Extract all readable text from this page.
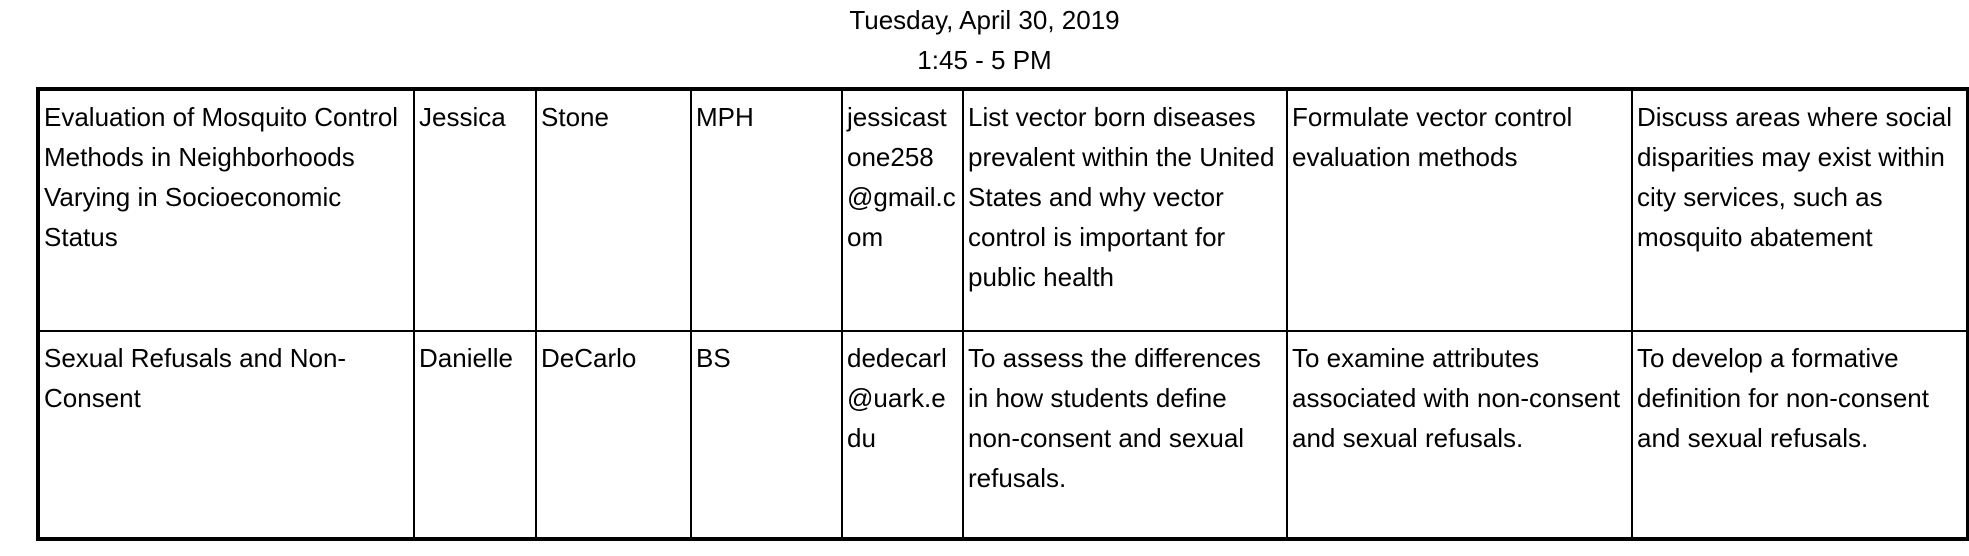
Tuesday, April 30, 2019
1:45 - 5 PM
Evaluation of Mosquito Control Methods in Neighborhoods Varying in Socioeconomic Status	Jessica	Stone	MPH	jessicastone258@gmail.com	List vector born diseases prevalent within the United States and why vector control is important for public health	Formulate vector control evaluation methods	Discuss areas where social disparities may exist within city services, such as mosquito abatement
Sexual Refusals and Non-Consent	Danielle	DeCarlo	BS	dedecarl@uark.edu	To assess the differences in how students define non-consent and sexual refusals.	To examine attributes associated with non-consent and sexual refusals.	To develop a formative definition for non-consent and sexual refusals.
